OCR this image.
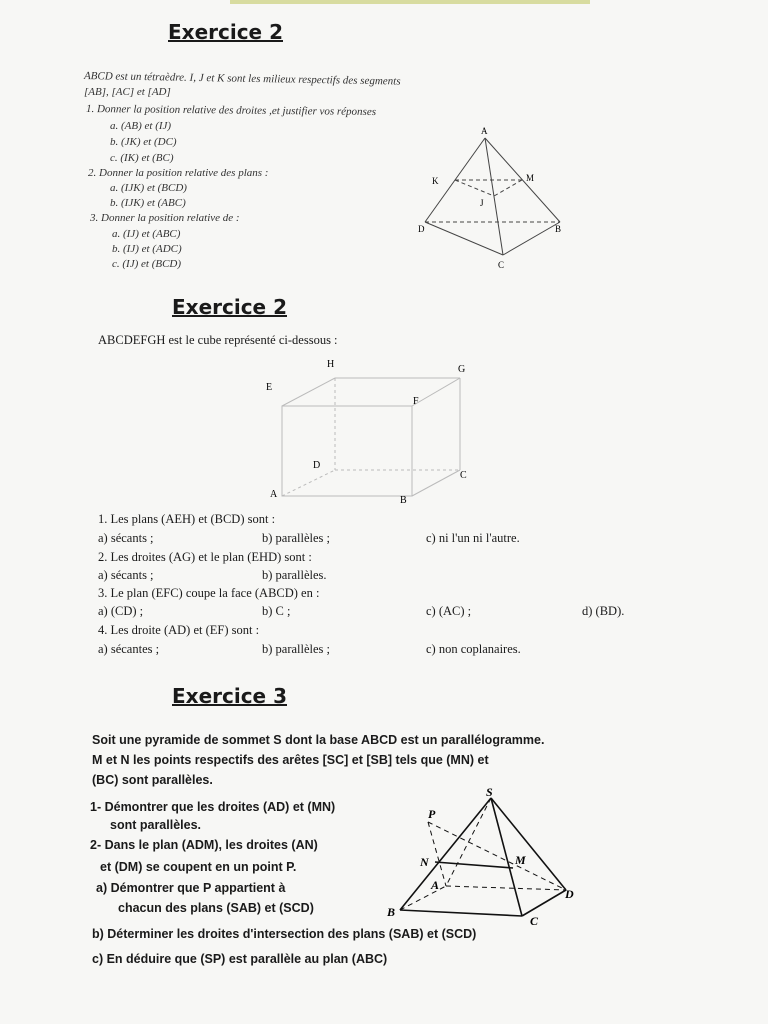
Exercice 2

ABCD est un tétraèdre. I, J et K sont les milieux respectifs des segments

[AB], [AC] et [AD]

1. Donner la position relative des droites ,et justifier vos réponses

a. (AB) et (IJ)

b. (JK) et (DC)

c. (IK) et (BC)

2. Donner la position relative des plans :

a. (IJK) et (BCD)

b. (IJK) et (ABC)

3. Donner la position relative de :

a. (IJ) et (ABC)

b. (IJ) et (ADC)

c. (IJ) et (BCD)

A
K	M
J
D	B
C
Exercice 2

ABCDEFGH est le cube représenté ci-dessous :

H	G
E
F
D
C
A
B

1. Les plans (AEH) et (BCD) sont :

a) sécants ;	b) parallèles ;	c) ni l'un ni l'autre.

2. Les droites (AG) et le plan (EHD) sont :

a) sécants ;	b) parallèles.

3. Le plan (EFC) coupe la face (ABCD) en :

a) (CD) ;	b) C ;	c) (AC) ;	d) (BD).

4. Les droite (AD) et (EF) sont :

a) sécantes ;	b) parallèles ;	c) non coplanaires.

Exercice 3

Soit une pyramide de sommet S dont la base ABCD est un parallélogramme.

M et N les points respectifs des arêtes [SC] et [SB] tels que (MN) et

(BC) sont parallèles.

1- Démontrer que les droites (AD) et (MN)

sont parallèles.

2- Dans le plan (ADM), les droites (AN)

et (DM) se coupent en un point P.

a) Démontrer que P appartient à

chacun des plans (SAB) et (SCD)

b) Déterminer les droites d'intersection des plans (SAB) et (SCD)

c) En déduire que (SP) est parallèle au plan (ABC)

S
P
N	M
A
B
C
D
